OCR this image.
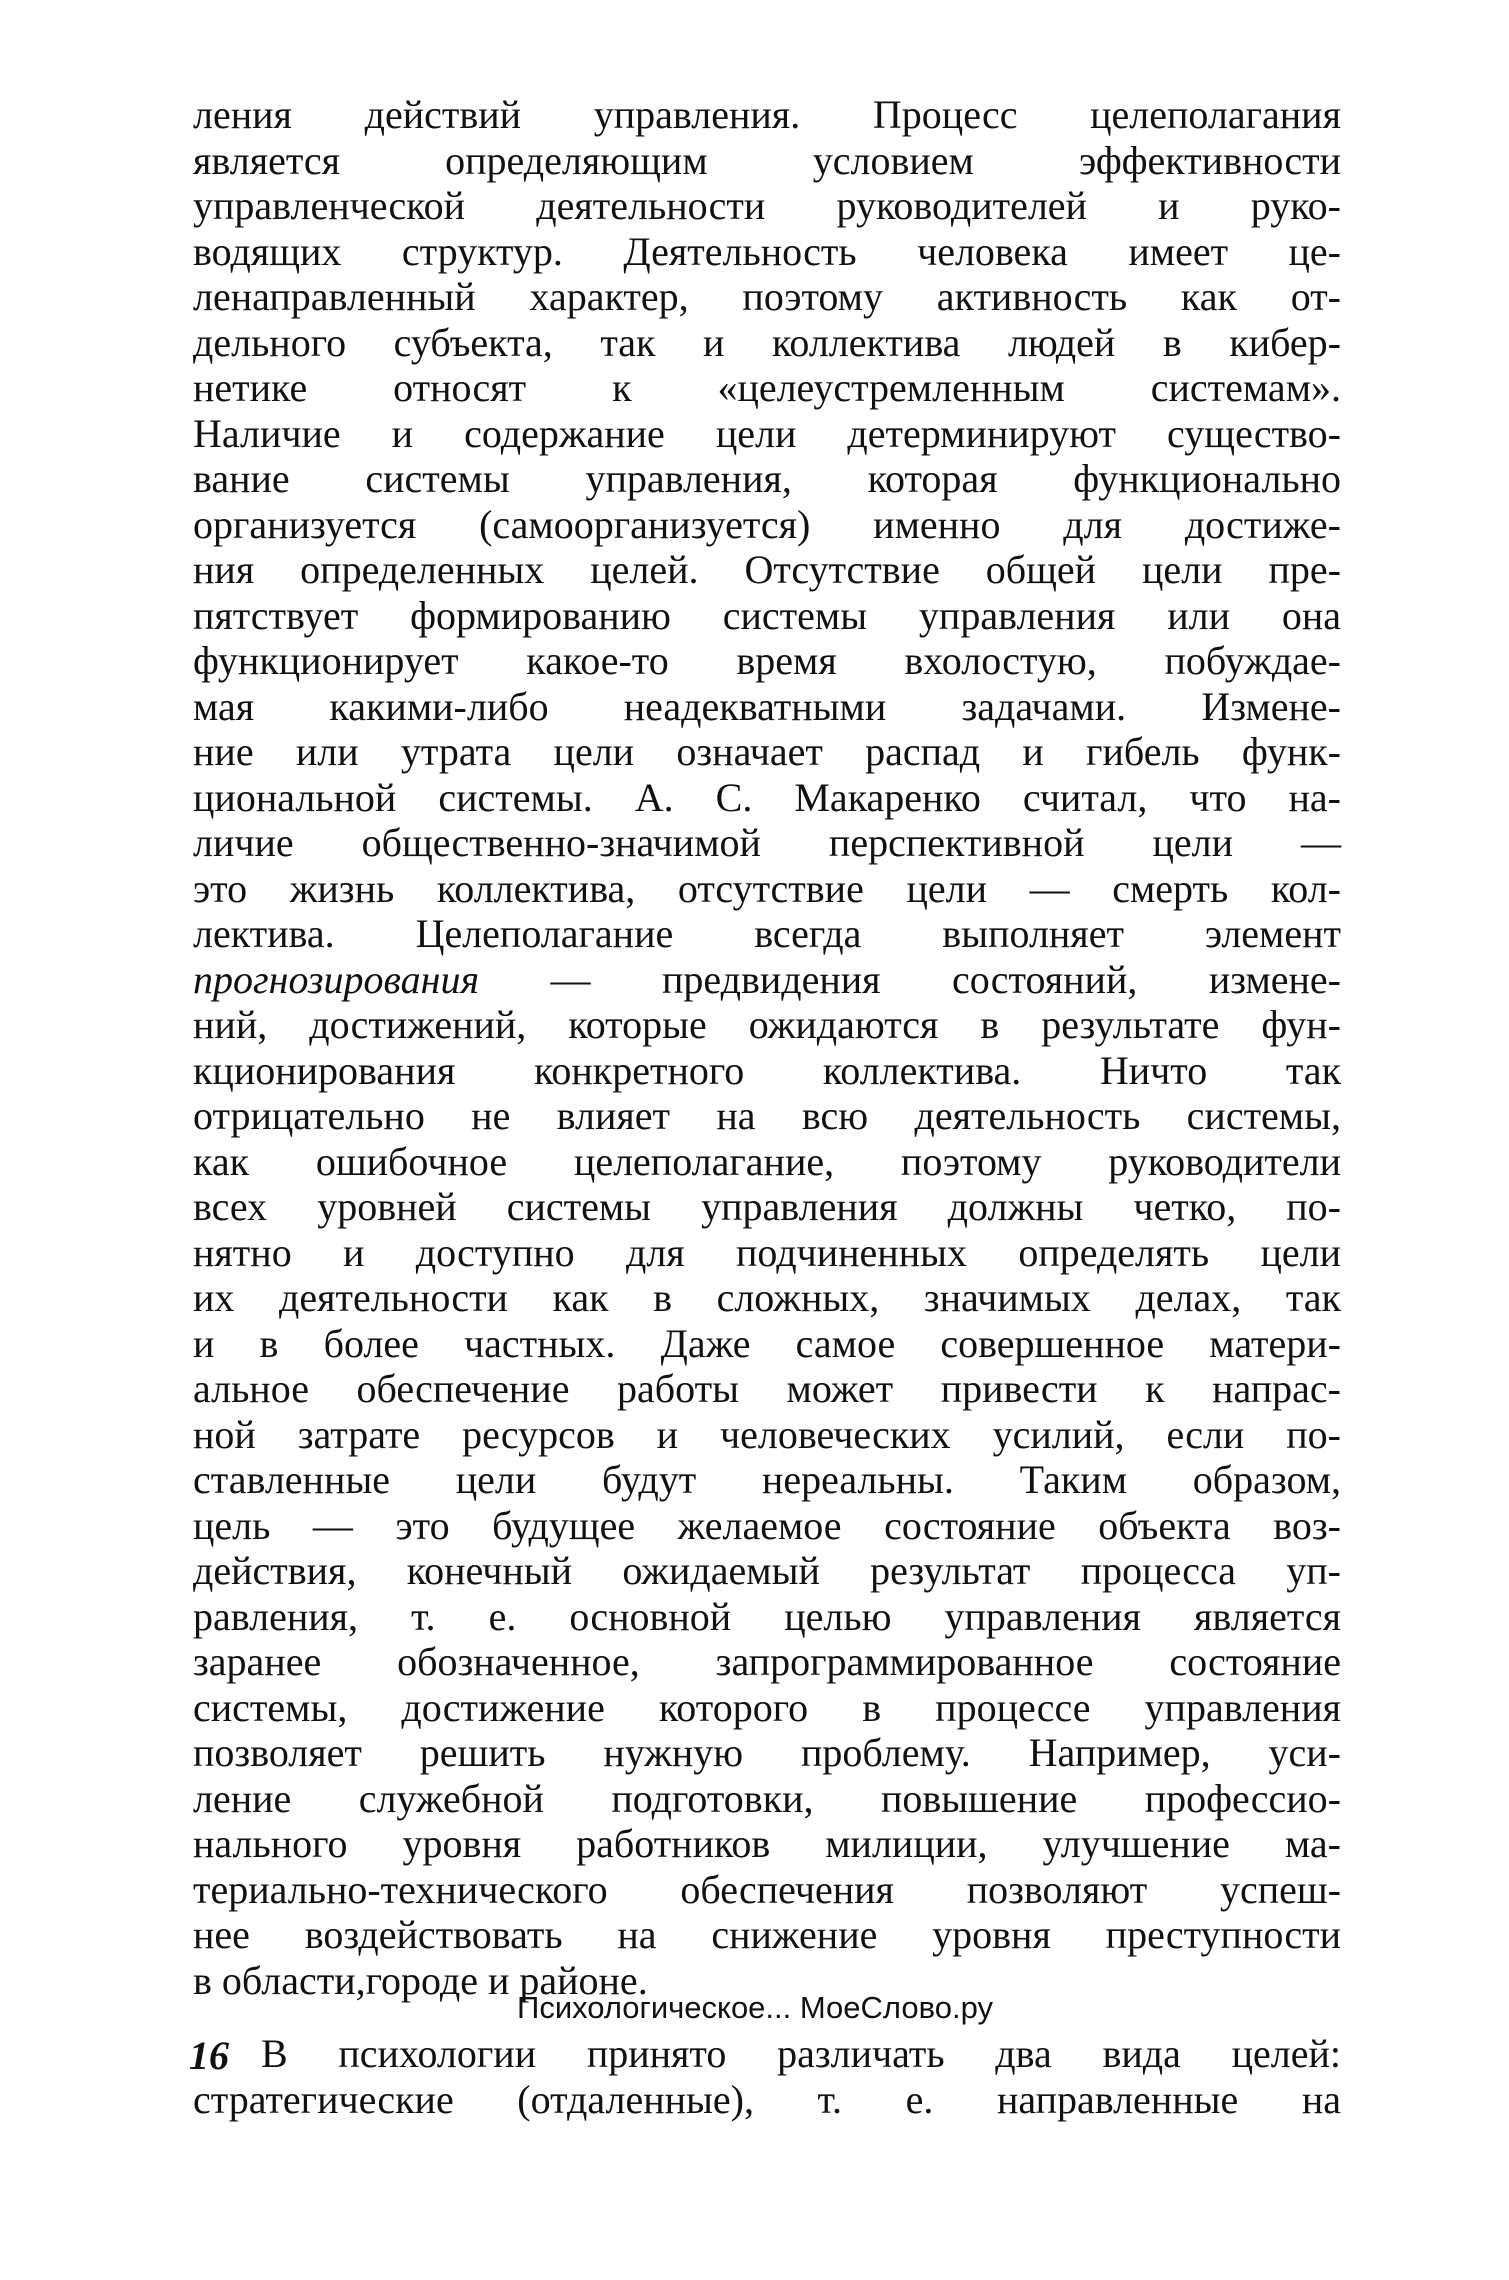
ления действий управления. Процесс целеполагания
является определяющим условием эффективности
управленческой деятельности руководителей и руко-
водящих структур. Деятельность человека имеет це-
ленаправленный характер, поэтому активность как от-
дельного субъекта, так и коллектива людей в кибер-
нетике относят к «целеустремленным системам».
Наличие и содержание цели детерминируют существо-
вание системы управления, которая функционально
организуется (самоорганизуется) именно для достиже-
ния определенных целей. Отсутствие общей цели пре-
пятствует формированию системы управления или она
функционирует какое-то время вхолостую, побуждае-
мая какими-либо неадекватными задачами. Измене-
ние или утрата цели означает распад и гибель функ-
циональной системы. А. С. Макаренко считал, что на-
личие общественно-значимой перспективной цели —
это жизнь коллектива, отсутствие цели — смерть кол-
лектива. Целеполагание всегда выполняет элемент
прогнозирования — предвидения состояний, измене-
ний, достижений, которые ожидаются в результате фун-
кционирования конкретного коллектива. Ничто так
отрицательно не влияет на всю деятельность системы,
как ошибочное целеполагание, поэтому руководители
всех уровней системы управления должны четко, по-
нятно и доступно для подчиненных определять цели
их деятельности как в сложных, значимых делах, так
и в более частных. Даже самое совершенное матери-
альное обеспечение работы может привести к напрас-
ной затрате ресурсов и человеческих усилий, если по-
ставленные цели будут нереальны. Таким образом,
цель — это будущее желаемое состояние объекта воз-
действия, конечный ожидаемый результат процесса уп-
равления, т. е. основной целью управления является
заранее обозначенное, запрограммированное состояние
системы, достижение которого в процессе управления
позволяет решить нужную проблему. Например, уси-
ление служебной подготовки, повышение профессио-
нального уровня работников милиции, улучшение ма-
териально-технического обеспечения позволяют успеш-
нее воздействовать на снижение уровня преступности
в области,городе и районе.
В психологии принято различать два вида целей:
стратегические (отдаленные), т. е. направленные на
Психологическое... МоеСлово.ру
16
